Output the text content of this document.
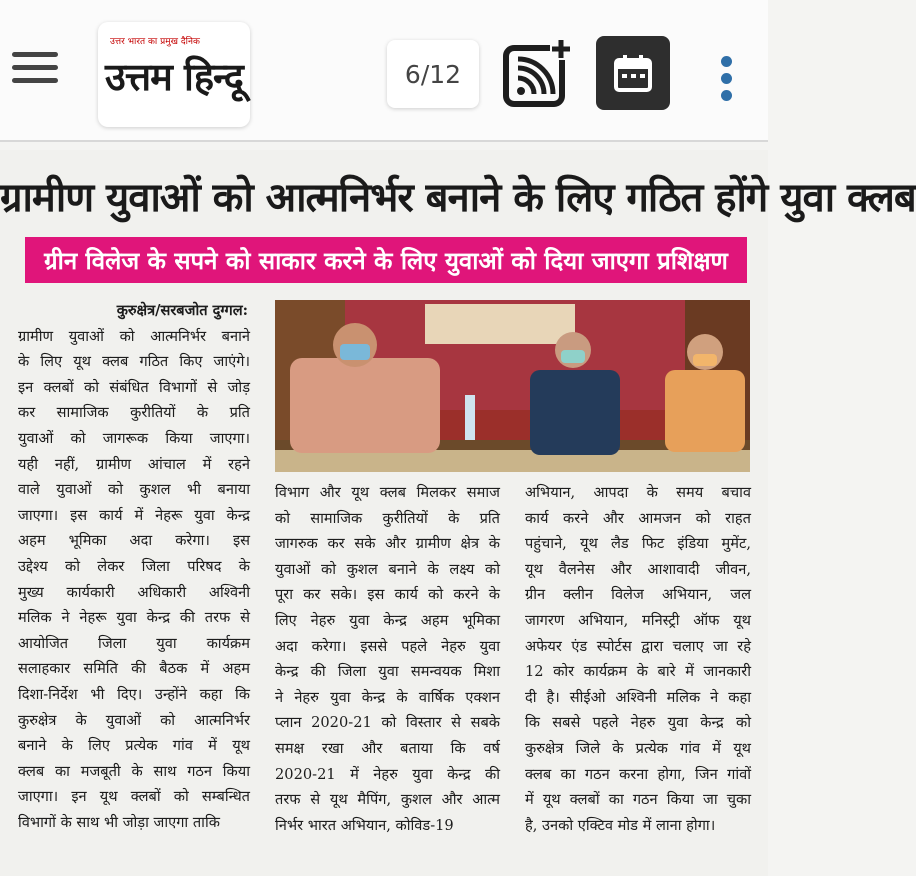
उत्तर भारत का प्रमुख दैनिक
उत्तम हिन्दू	6/12
ग्रामीण युवाओं को आत्मनिर्भर बनाने के लिए गठित होंगे युवा क्लब
ग्रीन विलेज के सपने को साकार करने के लिए युवाओं को दिया जाएगा प्रशिक्षण
कुरुक्षेत्र/सरबजोत दुग्गल:
ग्रामीण युवाओं को आत्मनिर्भर बनाने
के लिए यूथ क्लब गठित किए जाएंगे।
इन क्लबों को संबंधित विभागों से जोड़
कर सामाजिक कुरीतियों के प्रति
युवाओं को जागरूक किया जाएगा।
यही नहीं, ग्रामीण आंचाल में रहने
वाले युवाओं को कुशल भी बनाया
जाएगा। इस कार्य में नेहरू युवा केन्द्र
अहम भूमिका अदा करेगा। इस
उद्देश्य को लेकर जिला परिषद के
मुख्य कार्यकारी अधिकारी अश्विनी
मलिक ने नेहरू युवा केन्द्र की तरफ से
आयोजित जिला युवा कार्यक्रम
सलाहकार समिति की बैठक में अहम
दिशा-निर्देश भी दिए। उन्होंने कहा कि
कुरुक्षेत्र के युवाओं को आत्मनिर्भर
बनाने के लिए प्रत्येक गांव में यूथ
क्लब का मजबूती के साथ गठन किया
जाएगा। इन यूथ क्लबों को सम्बन्धित
विभागों के साथ भी जोड़ा जाएगा ताकि
विभाग और यूथ क्लब मिलकर समाज
को सामाजिक कुरीतियों के प्रति
जागरुक कर सके और ग्रामीण क्षेत्र के
युवाओं को कुशल बनाने के लक्ष्य को
पूरा कर सके। इस कार्य को करने के
लिए नेहरु युवा केन्द्र अहम भूमिका
अदा करेगा। इससे पहले नेहरु युवा
केन्द्र की जिला युवा समन्वयक मिशा
ने नेहरु युवा केन्द्र के वार्षिक एक्शन
प्लान 2020-21 को विस्तार से सबके
समक्ष रखा और बताया कि वर्ष
2020-21 में नेहरु युवा केन्द्र की
तरफ से यूथ मैपिंग, कुशल और आत्म
निर्भर भारत अभियान, कोविड-19
अभियान, आपदा के समय बचाव
कार्य करने और आमजन को राहत
पहुंचाने, यूथ लैड फिट इंडिया मुमेंट,
यूथ वैलनेस और आशावादी जीवन,
ग्रीन क्लीन विलेज अभियान, जल
जागरण अभियान, मनिस्ट्री ऑफ यूथ
अफेयर एंड स्पोर्टस द्वारा चलाए जा रहे
12 कोर कार्यक्रम के बारे में जानकारी
दी है। सीईओ अश्विनी मलिक ने कहा
कि सबसे पहले नेहरु युवा केन्द्र को
कुरुक्षेत्र जिले के प्रत्येक गांव में यूथ
क्लब का गठन करना होगा, जिन गांवों
में यूथ क्लबों का गठन किया जा चुका
है, उनको एक्टिव मोड में लाना होगा।
